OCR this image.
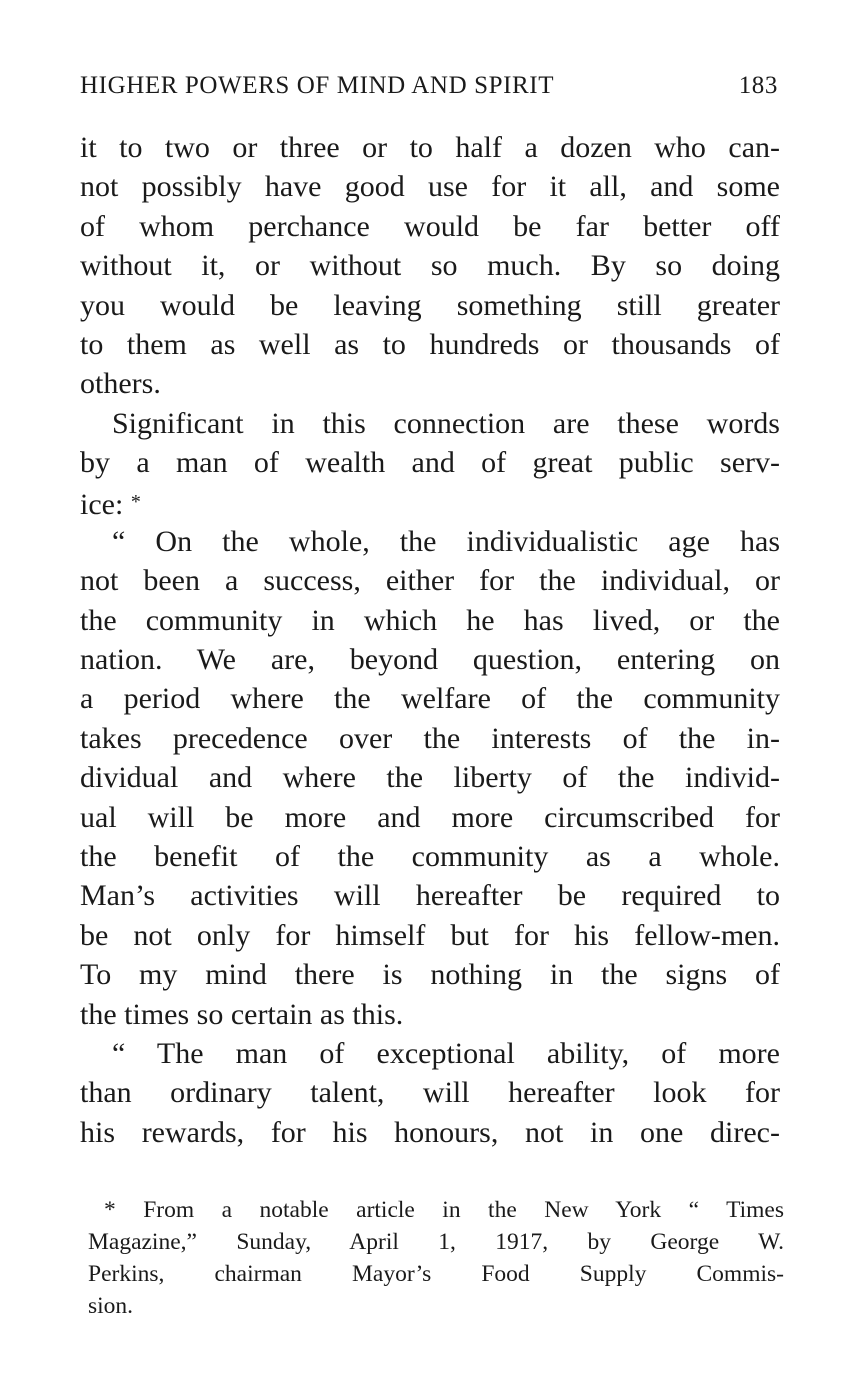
HIGHER POWERS OF MIND AND SPIRIT	183
it to two or three or to half a dozen who can-
not possibly have good use for it all, and some
of whom perchance would be far better off
without it, or without so much. By so doing
you would be leaving something still greater
to them as well as to hundreds or thousands of
others.
Significant in this connection are these words
by a man of wealth and of great public serv-
ice: *
“ On the whole, the individualistic age has
not been a success, either for the individual, or
the community in which he has lived, or the
nation. We are, beyond question, entering on
a period where the welfare of the community
takes precedence over the interests of the in-
dividual and where the liberty of the individ-
ual will be more and more circumscribed for
the benefit of the community as a whole.
Man’s activities will hereafter be required to
be not only for himself but for his fellow-men.
To my mind there is nothing in the signs of
the times so certain as this.
“ The man of exceptional ability, of more
than ordinary talent, will hereafter look for
his rewards, for his honours, not in one direc-
* From a notable article in the New York “ Times
Magazine,” Sunday, April 1, 1917, by George W.
Perkins, chairman Mayor’s Food Supply Commis-
sion.
